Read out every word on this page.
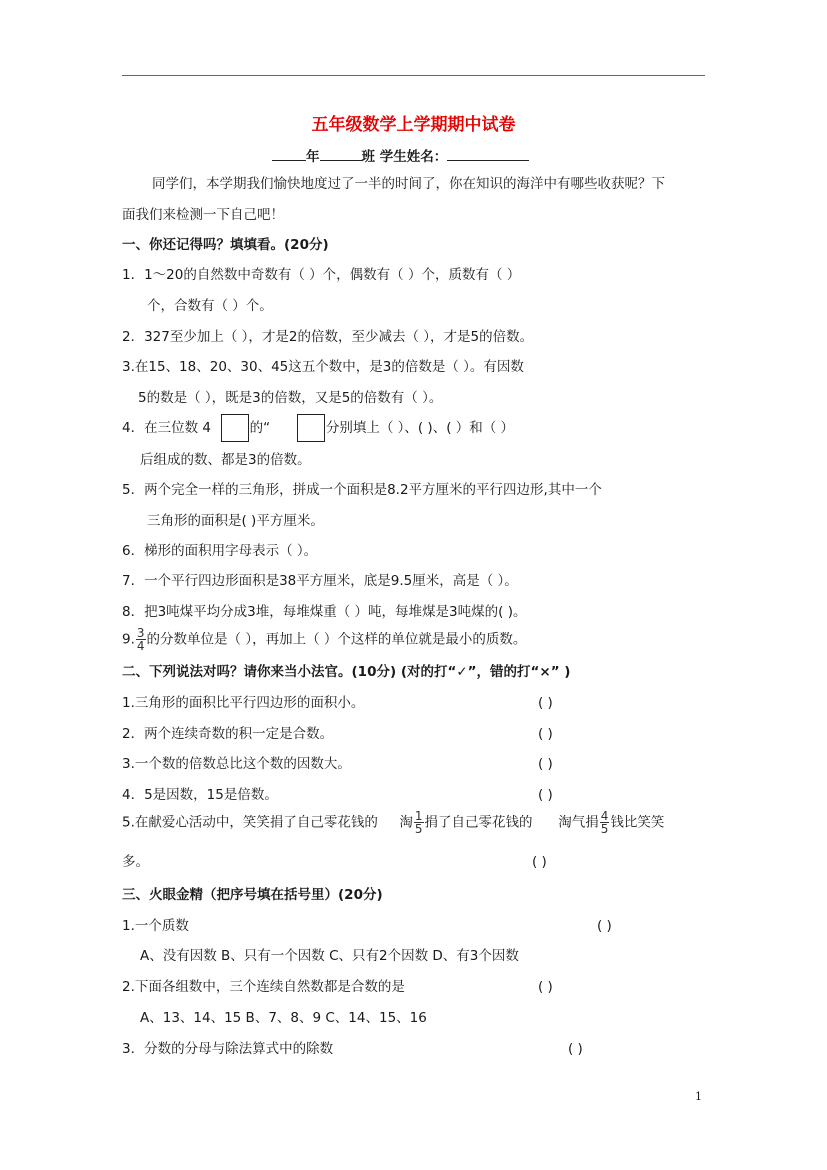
五年级数学上学期期中试卷
年	班 学生姓名：
同学们，本学期我们愉快地度过了一半的时间了，你在知识的海洋中有哪些收获呢？下
面我们来检测一下自己吧！
一、你还记得吗？填填看。(20分)
1．1～20的自然数中奇数有（ ）个，偶数有（ ）个，质数有（ ）
个，合数有（ ）个。
2．327至少加上（ ），才是2的倍数，至少减去（ ），才是5的倍数。
3.在15、18、20、30、45这五个数中，是3的倍数是（ ）。有因数
5的数是（ ），既是3的倍数，又是5的倍数有（ ）。
4．在三位数 4	的“	分别填上（ ）、( )、( ）和（ ）
后组成的数、都是3的倍数。
5．两个完全一样的三角形，拼成一个面积是8.2平方厘米的平行四边形,其中一个
三角形的面积是( )平方厘米。
6．梯形的面积用字母表示（ ）。
7．一个平行四边形面积是38平方厘米，底是9.5厘米，高是（ ）。
8．把3吨煤平均分成3堆，每堆煤重（ ）吨，每堆煤是3吨煤的( )。
9. $\frac{3}{4}$ 的分数单位是（ ），再加上（ ）个这样的单位就是最小的质数。
二、下列说法对吗？请你来当小法官。(10分) (对的打“✓”，错的打“×” )
1.三角形的面积比平行四边形的面积小。	( )
2．两个连续奇数的积一定是合数。	( )
3.一个数的倍数总比这个数的因数大。	( )
4．5是因数，15是倍数。	( )
5.在献爱心活动中，笑笑捐了自己零花钱的 淘 $\frac{1}{5}$ 捐了自己零花钱的 淘气捐 $\frac{4}{5}$ 钱比笑笑
多。	( )
三、火眼金精（把序号填在括号里）(20分)
1.一个质数	( )
A、没有因数 B、只有一个因数 C、只有2个因数 D、有3个因数
2.下面各组数中，三个连续自然数都是合数的是	( )
A、13、14、15 B、7、8、9 C、14、15、16
3．分数的分母与除法算式中的除数	( )
1
